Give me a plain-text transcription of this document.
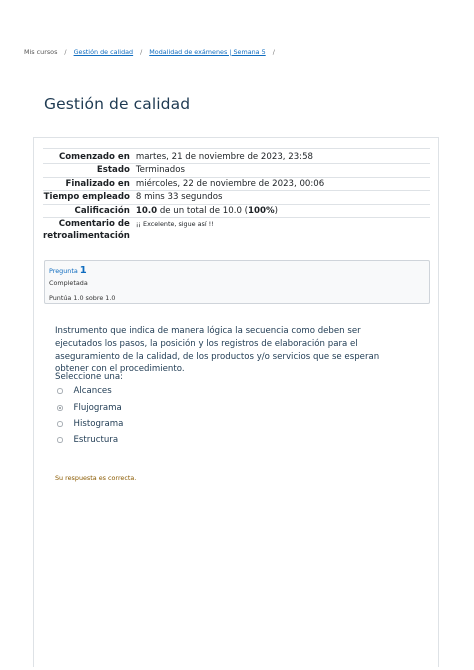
Mis cursos / Gestión de calidad / Modalidad de exámenes | Semana 5 /
Gestión de calidad
Comenzado en	martes, 21 de noviembre de 2023, 23:58
Estado	Terminados
Finalizado en	miércoles, 22 de noviembre de 2023, 00:06
Tiempo empleado	8 mins 33 segundos
Calificación	10.0 de un total de 10.0 (100%)
Comentario de retroalimentación	¡¡ Excelente, sigue así !!
Pregunta 1
Completada
Puntúa 1.0 sobre 1.0

Instrumento que indica de manera lógica la secuencia como deben ser ejecutados los pasos, la posición y los registros de elaboración para el aseguramiento de la calidad, de los productos y/o servicios que se esperan obtener con el procedimiento.

Seleccione una:
Alcances
Flujograma
Histograma
Estructura
Su respuesta es correcta.
